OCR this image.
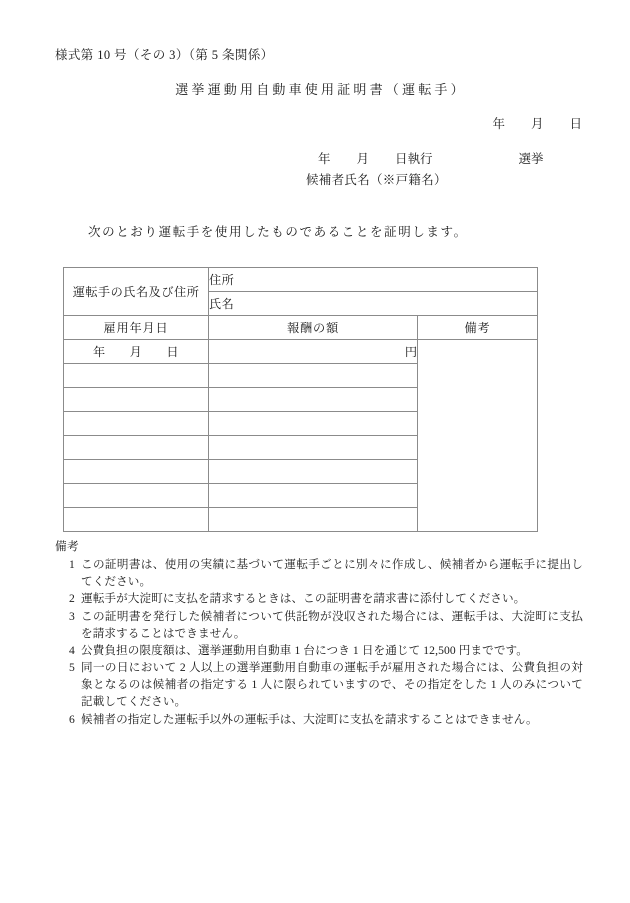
様式第 10 号（その 3）（第 5 条関係）
選挙運動用自動車使用証明書（運転手）
年 月 日
年 月 日執行	選挙
候補者氏名（※戸籍名）
次のとおり運転手を使用したものであることを証明します。
運転手の氏名及び住所	住所	
	氏名	
雇用年月日	報酬の額	備考
年 月 日	円	

備考
1 この証明書は、使用の実績に基づいて運転手ごとに別々に作成し、候補者から運転手に提出してください。
2 運転手が大淀町に支払を請求するときは、この証明書を請求書に添付してください。
3 この証明書を発行した候補者について供託物が没収された場合には、運転手は、大淀町に支払を請求することはできません。
4 公費負担の限度額は、選挙運動用自動車 1 台につき 1 日を通じて 12,500 円までです。
5 同一の日において 2 人以上の選挙運動用自動車の運転手が雇用された場合には、公費負担の対象となるのは候補者の指定する 1 人に限られていますので、その指定をした 1 人のみについて記載してください。
6 候補者の指定した運転手以外の運転手は、大淀町に支払を請求することはできません。
